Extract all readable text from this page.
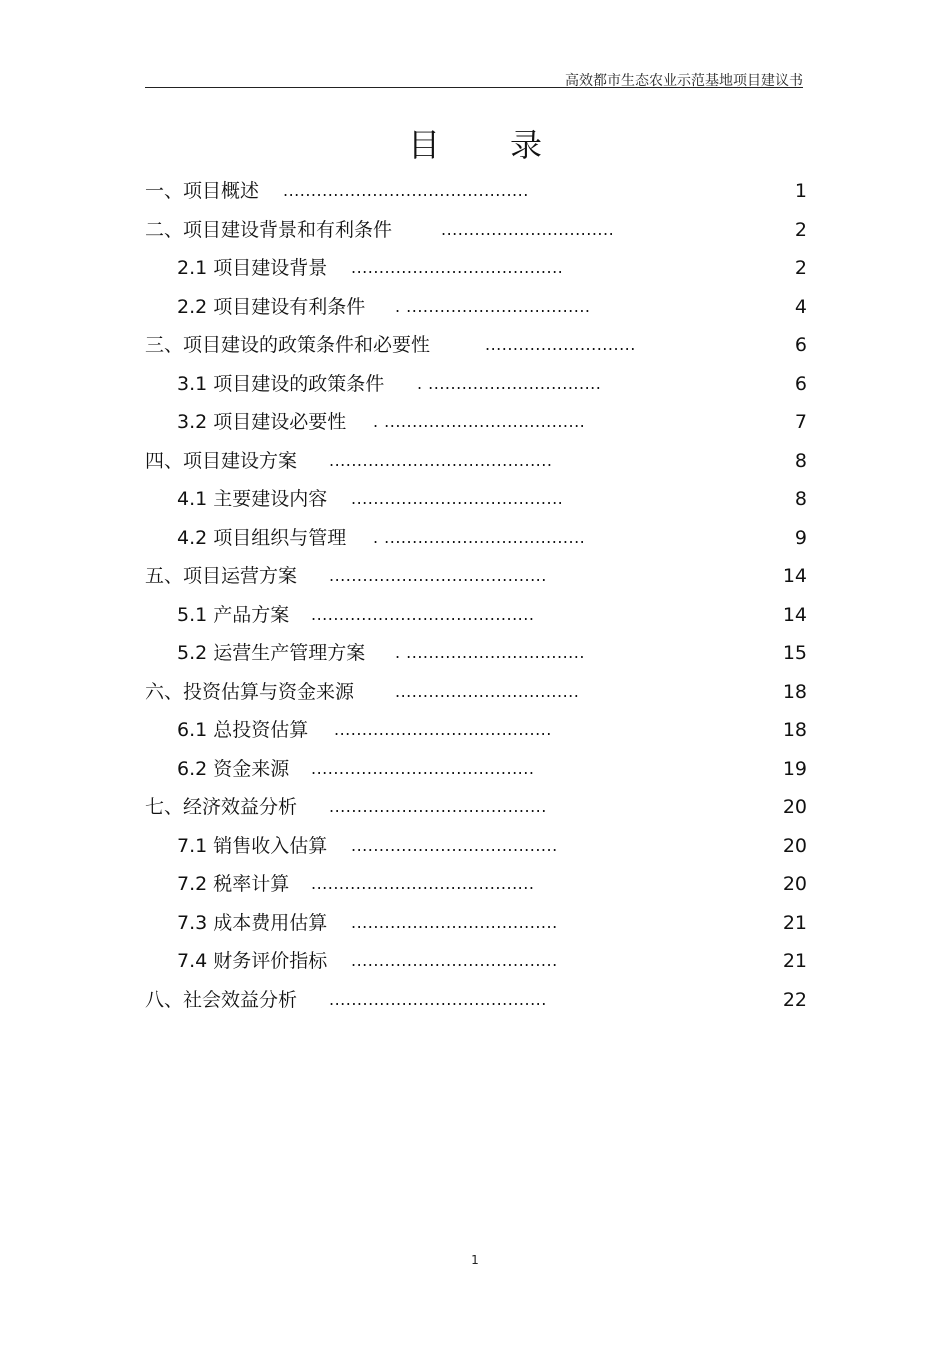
高效都市生态农业示范基地项目建议书
目录
一、项目概述 ............................................	1
二、项目建设背景和有利条件	...............................	2
2.1 项目建设背景 ......................................	2
2.2 项目建设有利条件 . .................................	4
三、项目建设的政策条件和必要性	...........................	6
3.1 项目建设的政策条件 . ...............................	6
3.2 项目建设必要性 . ....................................	7
四、项目建设方案 ........................................	8
4.1 主要建设内容 ......................................	8
4.2 项目组织与管理 . ....................................	9
五、项目运营方案 .......................................	14
5.1 产品方案 ........................................	14
5.2 运营生产管理方案 . ................................	15
六、投资估算与资金来源	.................................	18
6.1 总投资估算 .......................................	18
6.2 资金来源 ........................................	19
七、经济效益分析 .......................................	20
7.1 销售收入估算 .....................................	20
7.2 税率计算 ........................................	20
7.3 成本费用估算 .....................................	21
7.4 财务评价指标 .....................................	21
八、社会效益分析 .......................................	22
1
